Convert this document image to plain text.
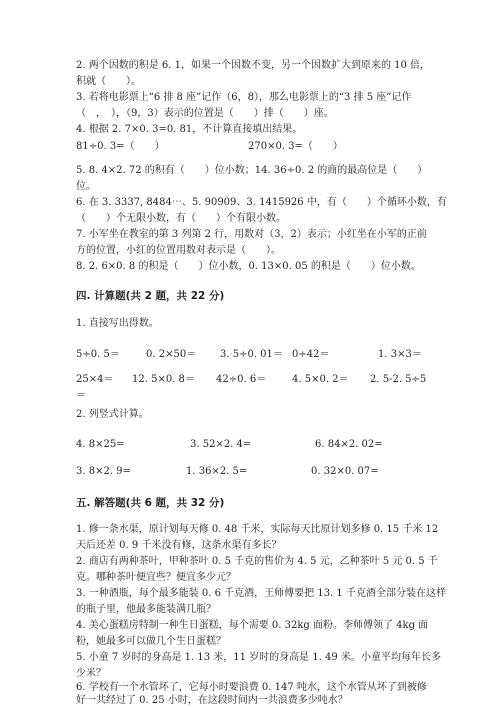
2. 两个因数的积是 6. 1，如果一个因数不变，另一个因数扩大到原来的 10 倍，
积就（　　）。
3. 若将电影票上“6 排 8 座”记作（6，8），那么电影票上的“3 排 5 座”记作
（　，　），（9，3）表示的位置是（　　）排（　　）座。
4. 根据 2. 7×0. 3=0. 81，不计算直接填出结果。
81÷0. 3=（　　）	270×0. 3=（　　）
5. 8. 4×2. 72 的积有（　　）位小数；14. 36÷0. 2 的商的最高位是（　　）
位。
6. 在 3. 3337, 8484⋯、5. 90909、3. 1415926 中，有（　　）个循环小数，有
（　　）个无限小数，有（　　）个有限小数。
7. 小军坐在教室的第 3 列第 2 行，用数对（3，2）表示；小红坐在小军的正前
方的位置，小红的位置用数对表示是（　　）。
8. 2. 6×0. 8 的积是（　　）位小数，0. 13×0. 05 的积是（　　）位小数。
四. 计算题(共 2 题，共 22 分)
1. 直接写出得数。
5÷0. 5＝	0. 2×50＝ 3. 5÷0. 01＝ 0÷42＝	1. 3×3＝
25×4＝ 12. 5×0. 8＝ 42÷0. 6＝	4. 5×0. 2＝ 2. 5-2. 5÷5
＝
2. 列竖式计算。
4. 8×25=	3. 52×2. 4=	6. 84×2. 02=
3. 8×2. 9=	1. 36×2. 5=	0. 32×0. 07=
五. 解答题(共 6 题，共 32 分)
1. 修一条水渠，原计划每天修 0. 48 千米，实际每天比原计划多修 0. 15 千米 12
天后还差 0. 9 千米没有修，这条水渠有多长？
2. 商店有两种茶叶，甲种茶叶 0. 5 千克的售价为 4. 5 元，乙种茶叶 5 元 0. 5 千
克。哪种茶叶便宜些？便宜多少元？
3. 一种酒瓶，每个最多能装 0. 6 千克酒，王师傅要把 13. 1 千克酒全部分装在这样
的瓶子里，他最多能装满几瓶？
4. 美心蛋糕房特制一种生日蛋糕，每个需要 0. 32kg 面粉。李师傅领了 4kg 面
粉，她最多可以做几个生日蛋糕？
5. 小童 7 岁时的身高是 1. 13 米，11 岁时的身高是 1. 49 米。小童平均每年长多
少米？
6. 学校有一个水管坏了，它每小时要浪费 0. 147 吨水，这个水管从坏了到被修
好一共经过了 0. 25 小时，在这段时间内一共浪费多少吨水？
